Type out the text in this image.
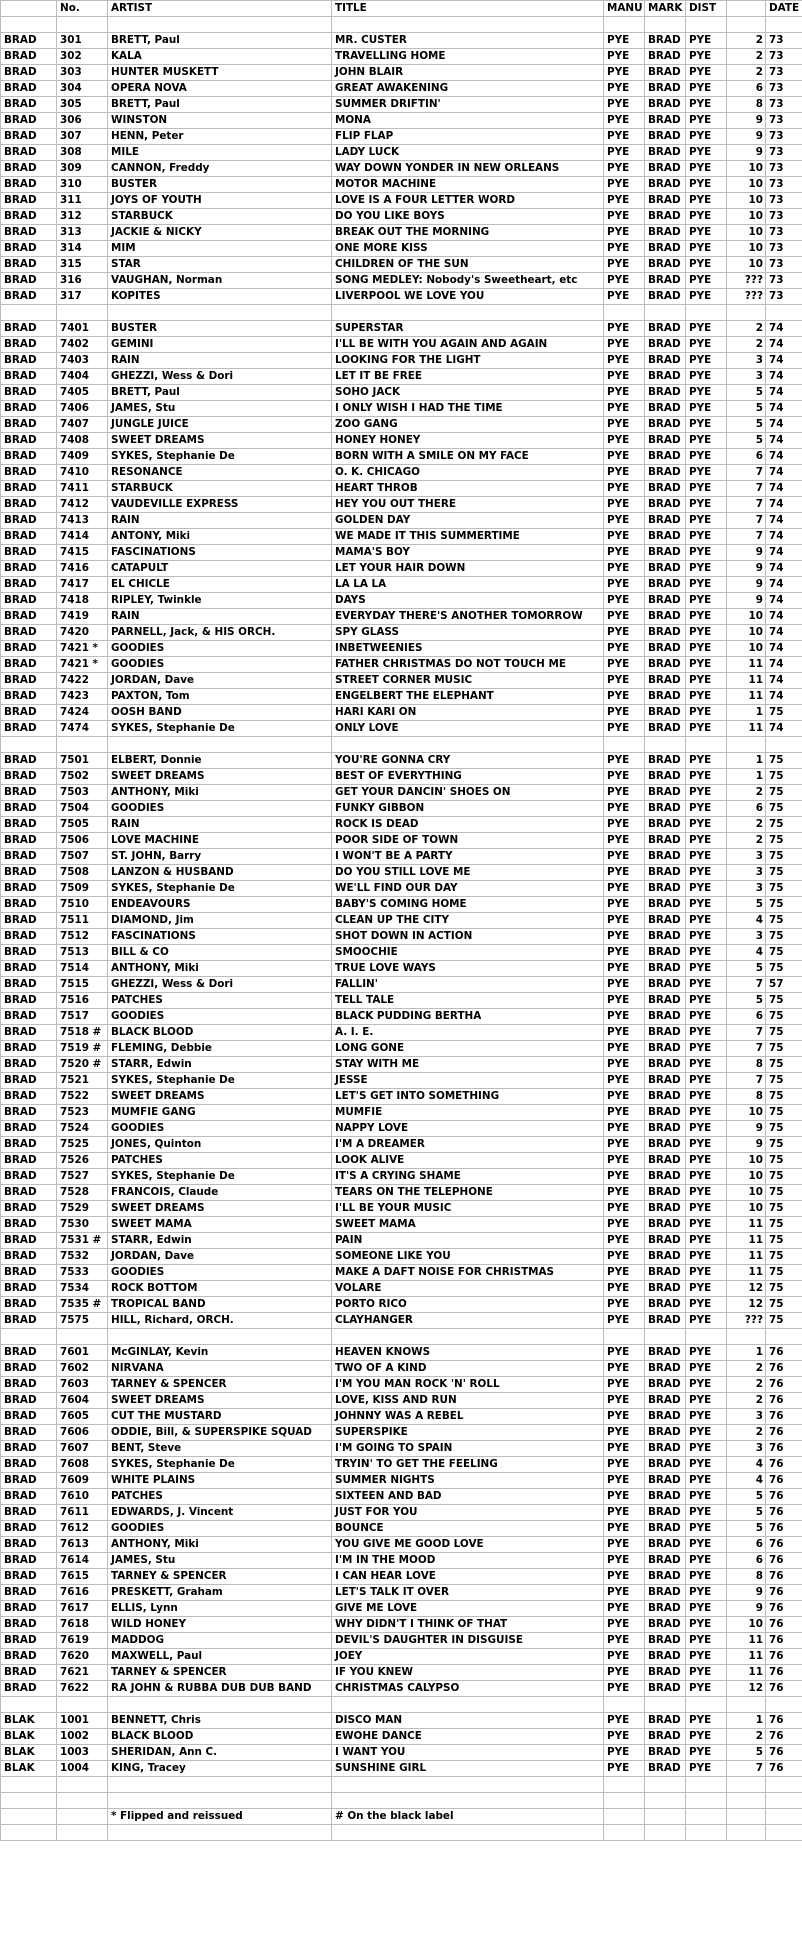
	No.	ARTIST	TITLE	MANU	MARK	DIST		DATE

BRAD	301	BRETT, Paul	MR. CUSTER	PYE	BRAD	PYE	2	73
BRAD	302	KALA	TRAVELLING HOME	PYE	BRAD	PYE	2	73
BRAD	303	HUNTER MUSKETT	JOHN BLAIR	PYE	BRAD	PYE	2	73
BRAD	304	OPERA NOVA	GREAT AWAKENING	PYE	BRAD	PYE	6	73
BRAD	305	BRETT, Paul	SUMMER DRIFTIN'	PYE	BRAD	PYE	8	73
BRAD	306	WINSTON	MONA	PYE	BRAD	PYE	9	73
BRAD	307	HENN, Peter	FLIP FLAP	PYE	BRAD	PYE	9	73
BRAD	308	MILE	LADY LUCK	PYE	BRAD	PYE	9	73
BRAD	309	CANNON, Freddy	WAY DOWN YONDER IN NEW ORLEANS	PYE	BRAD	PYE	10	73
BRAD	310	BUSTER	MOTOR MACHINE	PYE	BRAD	PYE	10	73
BRAD	311	JOYS OF YOUTH	LOVE IS A FOUR LETTER WORD	PYE	BRAD	PYE	10	73
BRAD	312	STARBUCK	DO YOU LIKE BOYS	PYE	BRAD	PYE	10	73
BRAD	313	JACKIE & NICKY	BREAK OUT THE MORNING	PYE	BRAD	PYE	10	73
BRAD	314	MIM	ONE MORE KISS	PYE	BRAD	PYE	10	73
BRAD	315	STAR	CHILDREN OF THE SUN	PYE	BRAD	PYE	10	73
BRAD	316	VAUGHAN, Norman	SONG MEDLEY: Nobody's Sweetheart, etc	PYE	BRAD	PYE	???	73
BRAD	317	KOPITES	LIVERPOOL WE LOVE YOU	PYE	BRAD	PYE	???	73

BRAD	7401	BUSTER	SUPERSTAR	PYE	BRAD	PYE	2	74
BRAD	7402	GEMINI	I'LL BE WITH YOU AGAIN AND AGAIN	PYE	BRAD	PYE	2	74
BRAD	7403	RAIN	LOOKING FOR THE LIGHT	PYE	BRAD	PYE	3	74
BRAD	7404	GHEZZI, Wess & Dori	LET IT BE FREE	PYE	BRAD	PYE	3	74
BRAD	7405	BRETT, Paul	SOHO JACK	PYE	BRAD	PYE	5	74
BRAD	7406	JAMES, Stu	I ONLY WISH I HAD THE TIME	PYE	BRAD	PYE	5	74
BRAD	7407	JUNGLE JUICE	ZOO GANG	PYE	BRAD	PYE	5	74
BRAD	7408	SWEET DREAMS	HONEY HONEY	PYE	BRAD	PYE	5	74
BRAD	7409	SYKES, Stephanie De	BORN WITH A SMILE ON MY FACE	PYE	BRAD	PYE	6	74
BRAD	7410	RESONANCE	O. K. CHICAGO	PYE	BRAD	PYE	7	74
BRAD	7411	STARBUCK	HEART THROB	PYE	BRAD	PYE	7	74
BRAD	7412	VAUDEVILLE EXPRESS	HEY YOU OUT THERE	PYE	BRAD	PYE	7	74
BRAD	7413	RAIN	GOLDEN DAY	PYE	BRAD	PYE	7	74
BRAD	7414	ANTONY, Miki	WE MADE IT THIS SUMMERTIME	PYE	BRAD	PYE	7	74
BRAD	7415	FASCINATIONS	MAMA'S BOY	PYE	BRAD	PYE	9	74
BRAD	7416	CATAPULT	LET YOUR HAIR DOWN	PYE	BRAD	PYE	9	74
BRAD	7417	EL CHICLE	LA LA LA	PYE	BRAD	PYE	9	74
BRAD	7418	RIPLEY, Twinkle	DAYS	PYE	BRAD	PYE	9	74
BRAD	7419	RAIN	EVERYDAY THERE'S ANOTHER TOMORROW	PYE	BRAD	PYE	10	74
BRAD	7420	PARNELL, Jack, & HIS ORCH.	SPY GLASS	PYE	BRAD	PYE	10	74
BRAD	7421 *	GOODIES	INBETWEENIES	PYE	BRAD	PYE	10	74
BRAD	7421 *	GOODIES	FATHER CHRISTMAS DO NOT TOUCH ME	PYE	BRAD	PYE	11	74
BRAD	7422	JORDAN, Dave	STREET CORNER MUSIC	PYE	BRAD	PYE	11	74
BRAD	7423	PAXTON, Tom	ENGELBERT THE ELEPHANT	PYE	BRAD	PYE	11	74
BRAD	7424	OOSH BAND	HARI KARI ON	PYE	BRAD	PYE	1	75
BRAD	7474	SYKES, Stephanie De	ONLY LOVE	PYE	BRAD	PYE	11	74

BRAD	7501	ELBERT, Donnie	YOU'RE GONNA CRY	PYE	BRAD	PYE	1	75
BRAD	7502	SWEET DREAMS	BEST OF EVERYTHING	PYE	BRAD	PYE	1	75
BRAD	7503	ANTHONY, Miki	GET YOUR DANCIN' SHOES ON	PYE	BRAD	PYE	2	75
BRAD	7504	GOODIES	FUNKY GIBBON	PYE	BRAD	PYE	6	75
BRAD	7505	RAIN	ROCK IS DEAD	PYE	BRAD	PYE	2	75
BRAD	7506	LOVE MACHINE	POOR SIDE OF TOWN	PYE	BRAD	PYE	2	75
BRAD	7507	ST. JOHN, Barry	I WON'T BE A PARTY	PYE	BRAD	PYE	3	75
BRAD	7508	LANZON & HUSBAND	DO YOU STILL LOVE ME	PYE	BRAD	PYE	3	75
BRAD	7509	SYKES, Stephanie De	WE'LL FIND OUR DAY	PYE	BRAD	PYE	3	75
BRAD	7510	ENDEAVOURS	BABY'S COMING HOME	PYE	BRAD	PYE	5	75
BRAD	7511	DIAMOND, Jim	CLEAN UP THE CITY	PYE	BRAD	PYE	4	75
BRAD	7512	FASCINATIONS	SHOT DOWN IN ACTION	PYE	BRAD	PYE	3	75
BRAD	7513	BILL & CO	SMOOCHIE	PYE	BRAD	PYE	4	75
BRAD	7514	ANTHONY, Miki	TRUE LOVE WAYS	PYE	BRAD	PYE	5	75
BRAD	7515	GHEZZI, Wess & Dori	FALLIN'	PYE	BRAD	PYE	7	57
BRAD	7516	PATCHES	TELL TALE	PYE	BRAD	PYE	5	75
BRAD	7517	GOODIES	BLACK PUDDING BERTHA	PYE	BRAD	PYE	6	75
BRAD	7518 #	BLACK BLOOD	A. I. E.	PYE	BRAD	PYE	7	75
BRAD	7519 #	FLEMING, Debbie	LONG GONE	PYE	BRAD	PYE	7	75
BRAD	7520 #	STARR, Edwin	STAY WITH ME	PYE	BRAD	PYE	8	75
BRAD	7521	SYKES, Stephanie De	JESSE	PYE	BRAD	PYE	7	75
BRAD	7522	SWEET DREAMS	LET'S GET INTO SOMETHING	PYE	BRAD	PYE	8	75
BRAD	7523	MUMFIE GANG	MUMFIE	PYE	BRAD	PYE	10	75
BRAD	7524	GOODIES	NAPPY LOVE	PYE	BRAD	PYE	9	75
BRAD	7525	JONES, Quinton	I'M A DREAMER	PYE	BRAD	PYE	9	75
BRAD	7526	PATCHES	LOOK ALIVE	PYE	BRAD	PYE	10	75
BRAD	7527	SYKES, Stephanie De	IT'S A CRYING SHAME	PYE	BRAD	PYE	10	75
BRAD	7528	FRANCOIS, Claude	TEARS ON THE TELEPHONE	PYE	BRAD	PYE	10	75
BRAD	7529	SWEET DREAMS	I'LL BE YOUR MUSIC	PYE	BRAD	PYE	10	75
BRAD	7530	SWEET MAMA	SWEET MAMA	PYE	BRAD	PYE	11	75
BRAD	7531 #	STARR, Edwin	PAIN	PYE	BRAD	PYE	11	75
BRAD	7532	JORDAN, Dave	SOMEONE LIKE YOU	PYE	BRAD	PYE	11	75
BRAD	7533	GOODIES	MAKE A DAFT NOISE FOR CHRISTMAS	PYE	BRAD	PYE	11	75
BRAD	7534	ROCK BOTTOM	VOLARE	PYE	BRAD	PYE	12	75
BRAD	7535 #	TROPICAL BAND	PORTO RICO	PYE	BRAD	PYE	12	75
BRAD	7575	HILL, Richard, ORCH.	CLAYHANGER	PYE	BRAD	PYE	???	75

BRAD	7601	McGINLAY, Kevin	HEAVEN KNOWS	PYE	BRAD	PYE	1	76
BRAD	7602	NIRVANA	TWO OF A KIND	PYE	BRAD	PYE	2	76
BRAD	7603	TARNEY & SPENCER	I'M YOU MAN ROCK 'N' ROLL	PYE	BRAD	PYE	2	76
BRAD	7604	SWEET DREAMS	LOVE, KISS AND RUN	PYE	BRAD	PYE	2	76
BRAD	7605	CUT THE MUSTARD	JOHNNY WAS A REBEL	PYE	BRAD	PYE	3	76
BRAD	7606	ODDIE, Bill, & SUPERSPIKE SQUAD	SUPERSPIKE	PYE	BRAD	PYE	2	76
BRAD	7607	BENT, Steve	I'M GOING TO SPAIN	PYE	BRAD	PYE	3	76
BRAD	7608	SYKES, Stephanie De	TRYIN' TO GET THE FEELING	PYE	BRAD	PYE	4	76
BRAD	7609	WHITE PLAINS	SUMMER NIGHTS	PYE	BRAD	PYE	4	76
BRAD	7610	PATCHES	SIXTEEN AND BAD	PYE	BRAD	PYE	5	76
BRAD	7611	EDWARDS, J. Vincent	JUST FOR YOU	PYE	BRAD	PYE	5	76
BRAD	7612	GOODIES	BOUNCE	PYE	BRAD	PYE	5	76
BRAD	7613	ANTHONY, Miki	YOU GIVE ME GOOD LOVE	PYE	BRAD	PYE	6	76
BRAD	7614	JAMES, Stu	I'M IN THE MOOD	PYE	BRAD	PYE	6	76
BRAD	7615	TARNEY & SPENCER	I CAN HEAR LOVE	PYE	BRAD	PYE	8	76
BRAD	7616	PRESKETT, Graham	LET'S TALK IT OVER	PYE	BRAD	PYE	9	76
BRAD	7617	ELLIS, Lynn	GIVE ME LOVE	PYE	BRAD	PYE	9	76
BRAD	7618	WILD HONEY	WHY DIDN'T I THINK OF THAT	PYE	BRAD	PYE	10	76
BRAD	7619	MADDOG	DEVIL'S DAUGHTER IN DISGUISE	PYE	BRAD	PYE	11	76
BRAD	7620	MAXWELL, Paul	JOEY	PYE	BRAD	PYE	11	76
BRAD	7621	TARNEY & SPENCER	IF YOU KNEW	PYE	BRAD	PYE	11	76
BRAD	7622	RA JOHN & RUBBA DUB DUB BAND	CHRISTMAS CALYPSO	PYE	BRAD	PYE	12	76

BLAK	1001	BENNETT, Chris	DISCO MAN	PYE	BRAD	PYE	1	76
BLAK	1002	BLACK BLOOD	EWOHE DANCE	PYE	BRAD	PYE	2	76
BLAK	1003	SHERIDAN, Ann C.	I WANT YOU	PYE	BRAD	PYE	5	76
BLAK	1004	KING, Tracey	SUNSHINE GIRL	PYE	BRAD	PYE	7	76

		* Flipped and reissued	# On the black label					
